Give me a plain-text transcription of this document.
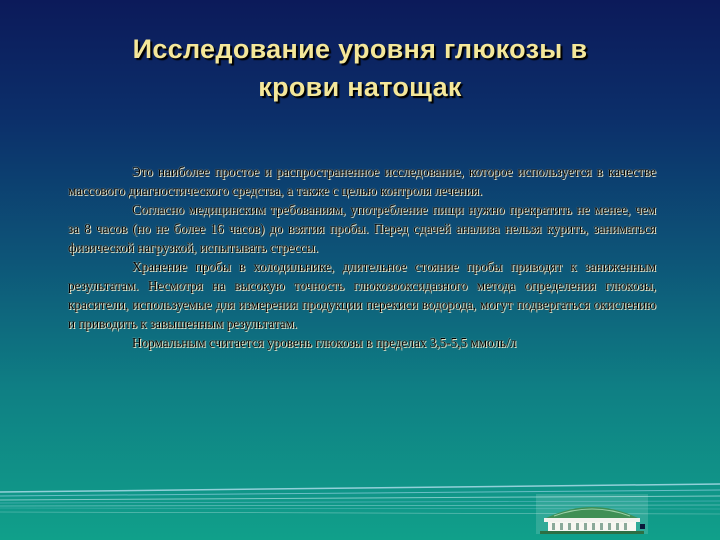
Исследование уровня глюкозы в
крови натощак

Это наиболее простое и распространенное исследование, которое используется в качестве массового диагностического средства, а также с целью контроля лечения.

Согласно медицинским требованиям, употребление пищи нужно прекратить не менее, чем за 8 часов (но не более 16 часов) до взятия пробы. Перед сдачей анализа нельзя курить, заниматься физической нагрузкой, испытывать стрессы.

Хранение пробы в холодильнике, длительное стояние пробы приводят к заниженным результатам. Несмотря на высокую точность глюкозооксидазного метода определения глюкозы, красители, используемые для измерения продукции перекиси водорода, могут подвергаться окислению и приводить к завышенным результатам.

Нормальным считается уровень глюкозы в пределах 3,5-5,5 ммоль/л
